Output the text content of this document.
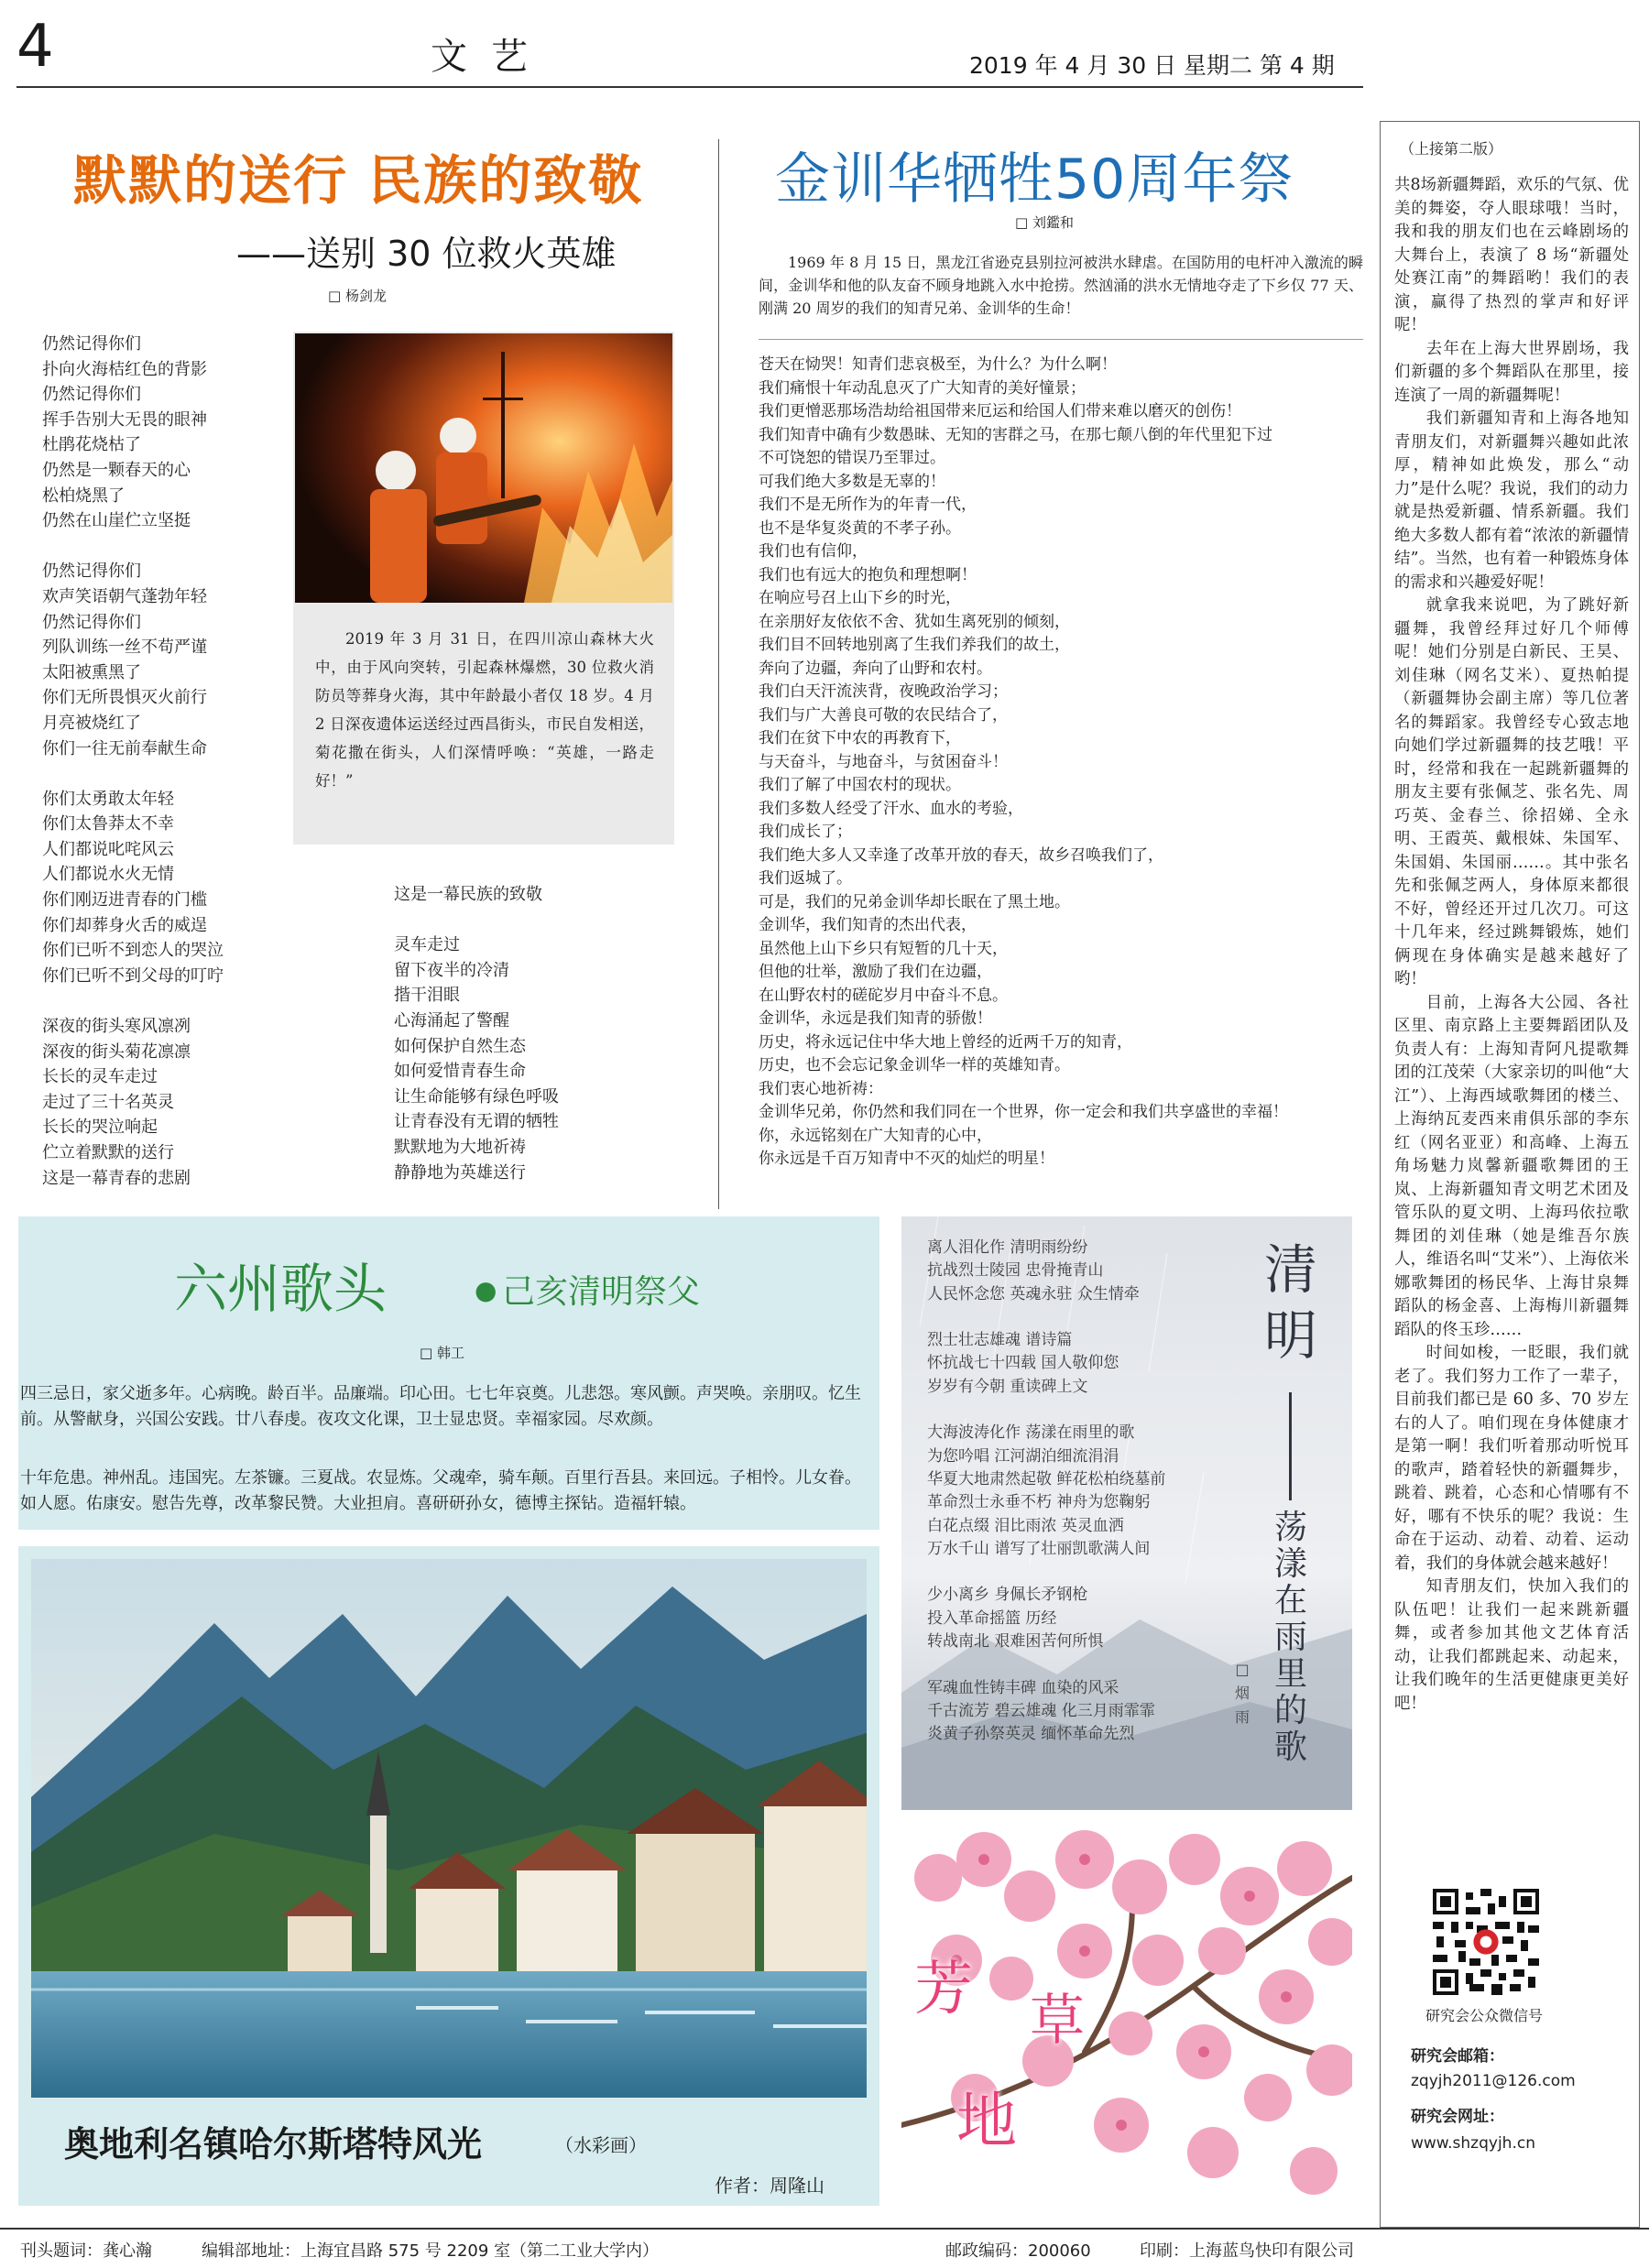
4	文艺	2019 年 4 月 30 日 星期二 第 4 期
默默的送行 民族的致敬
——送别 30 位救火英雄
□ 杨剑龙
仍然记得你们
扑向火海桔红色的背影
仍然记得你们
挥手告别大无畏的眼神
杜鹃花烧枯了
仍然是一颗春天的心
松柏烧黑了
仍然在山崖伫立坚挺

仍然记得你们
欢声笑语朝气蓬勃年轻
仍然记得你们
列队训练一丝不苟严谨
太阳被熏黑了
你们无所畏惧灭火前行
月亮被烧红了
你们一往无前奉献生命

你们太勇敢太年轻
你们太鲁莽太不幸
人们都说叱咤风云
人们都说水火无情
你们刚迈进青春的门槛
你们却葬身火舌的威逞
你们已听不到恋人的哭泣
你们已听不到父母的叮咛

深夜的街头寒风凛冽
深夜的街头菊花凛凛
长长的灵车走过
走过了三十名英灵
长长的哭泣响起
伫立着默默的送行
这是一幕青春的悲剧
2019 年 3 月 31 日，在四川凉山森林大火中，由于风向突转，引起森林爆燃，30 位救火消防员等葬身火海，其中年龄最小者仅 18 岁。4 月 2 日深夜遗体运送经过西昌街头，市民自发相送，菊花撒在街头，人们深情呼唤：“英雄，一路走好！”
这是一幕民族的致敬

灵车走过
留下夜半的冷清
揩干泪眼
心海涌起了警醒
如何保护自然生态
如何爱惜青春生命
让生命能够有绿色呼吸
让青春没有无谓的牺牲
默默地为大地祈祷
静静地为英雄送行
金训华牺牲50周年祭
□ 刘鑑和
1969 年 8 月 15 日，黑龙江省逊克县别拉河被洪水肆虐。在国防用的电杆冲入激流的瞬间，金训华和他的队友奋不顾身地跳入水中抢捞。然汹涌的洪水无情地夺走了下乡仅 77 天、刚满 20 周岁的我们的知青兄弟、金训华的生命！
苍天在恸哭！知青们悲哀极至，为什么？为什么啊！
我们痛恨十年动乱息灭了广大知青的美好憧景；
我们更憎恶那场浩劫给祖国带来厄运和给国人们带来难以磨灭的创伤！
我们知青中确有少数愚昧、无知的害群之马，在那七颠八倒的年代里犯下过
不可饶恕的错误乃至罪过。
可我们绝大多数是无辜的！
我们不是无所作为的年青一代，
也不是华复炎黄的不孝子孙。
我们也有信仰，
我们也有远大的抱负和理想啊！
在响应号召上山下乡的时光，
在亲朋好友依依不舍、犹如生离死别的倾刻，
我们目不回转地别离了生我们养我们的故土，
奔向了边疆，奔向了山野和农村。
我们白天汗流浃背，夜晚政治学习；
我们与广大善良可敬的农民结合了，
我们在贫下中农的再教育下，
与天奋斗，与地奋斗，与贫困奋斗！
我们了解了中国农村的现状。
我们多数人经受了汗水、血水的考验，
我们成长了；
我们绝大多人又幸逢了改革开放的春天，故乡召唤我们了，
我们返城了。
可是，我们的兄弟金训华却长眠在了黑土地。
金训华，我们知青的杰出代表，
虽然他上山下乡只有短暂的几十天，
但他的壮举，激励了我们在边疆，
在山野农村的磋砣岁月中奋斗不息。
金训华，永远是我们知青的骄傲！
历史，将永远记住中华大地上曾经的近两千万的知青，
历史，也不会忘记象金训华一样的英雄知青。
我们衷心地祈祷：
金训华兄弟，你仍然和我们同在一个世界，你一定会和我们共享盛世的幸福！
你，永远铭刻在广大知青的心中，
你永远是千百万知青中不灭的灿烂的明星！
（上接第二版）

共8场新疆舞蹈，欢乐的气氛、优美的舞姿，夺人眼球哦！当时，我和我的朋友们也在云峰剧场的大舞台上，表演了 8 场“新疆处处赛江南”的舞蹈哟！我们的表演，赢得了热烈的掌声和好评呢！

去年在上海大世界剧场，我们新疆的多个舞蹈队在那里，接连演了一周的新疆舞呢！

我们新疆知青和上海各地知青朋友们，对新疆舞兴趣如此浓厚，精神如此焕发，那么“动力”是什么呢？我说，我们的动力就是热爱新疆、情系新疆。我们绝大多数人都有着“浓浓的新疆情结”。当然，也有着一种锻炼身体的需求和兴趣爱好呢！

就拿我来说吧，为了跳好新疆舞，我曾经拜过好几个师傅呢！她们分别是白新民、王昊、刘佳琳（网名艾米）、夏热帕提（新疆舞协会副主席）等几位著名的舞蹈家。我曾经专心致志地向她们学过新疆舞的技艺哦！平时，经常和我在一起跳新疆舞的朋友主要有张佩芝、张名先、周巧英、金春兰、徐招娣、全永明、王霞英、戴根妹、朱国军、朱国娟、朱国丽……。其中张名先和张佩芝两人，身体原来都很不好，曾经还开过几次刀。可这十几年来，经过跳舞锻炼，她们俩现在身体确实是越来越好了哟！

目前，上海各大公园、各社区里、南京路上主要舞蹈团队及负责人有：上海知青阿凡提歌舞团的江茂荣（大家亲切的叫他“大江”）、上海西域歌舞团的楼兰、上海纳瓦麦西来甫俱乐部的李东红（网名亚亚）和高峰、上海五角场魅力岚馨新疆歌舞团的王岚、上海新疆知青文明艺术团及管乐队的夏文明、上海玛依拉歌舞团的刘佳琳（她是维吾尔族人，维语名叫“艾米”）、上海依米娜歌舞团的杨民华、上海甘泉舞蹈队的杨金喜、上海梅川新疆舞蹈队的佟玉珍……

时间如梭，一眨眼，我们就老了。我们努力工作了一辈子，目前我们都已是 60 多、70 岁左右的人了。咱们现在身体健康才是第一啊！我们听着那动听悦耳的歌声，踏着轻快的新疆舞步，跳着、跳着，心态和心情哪有不好，哪有不快乐的呢？我说：生命在于运动、动着、动着、运动着，我们的身体就会越来越好！

知青朋友们，快加入我们的队伍吧！让我们一起来跳新疆舞，或者参加其他文艺体育活动，让我们都跳起来、动起来，让我们晚年的生活更健康更美好吧！

研究会公众微信号
研究会邮箱：
zqyjh2011@126.com
研究会网址：
www.shzqyjh.cn
六州歌头	● 己亥清明祭父
□ 韩工
四三忌日，家父逝多年。心病晚。龄百半。品廉端。印心田。七七年哀奠。儿悲怨。寒风颤。声哭唤。亲朋叹。忆生前。从警献身，兴国公安践。廿八春虔。夜攻文化课，卫士显忠贤。幸福家园。尽欢颜。
十年危患。神州乱。违国宪。左茶镰。三夏战。农显炼。父魂牵，骑车颠。百里行吾县。来回远。子相怜。儿女眷。如人愿。佑康安。慰告先尊，改革黎民赞。大业担肩。喜研研孙女，德博主探钻。造福轩辕。
奥地利名镇哈尔斯塔特风光	（水彩画）
作者：周隆山
离人泪化作 清明雨纷纷
抗战烈士陵园 忠骨掩青山
人民怀念您 英魂永驻 众生情牵

烈士壮志雄魂 谱诗篇
怀抗战七十四载 国人敬仰您
岁岁有今朝 重读碑上文

大海波涛化作 荡漾在雨里的歌
为您吟唱 江河湖泊细流涓涓
华夏大地肃然起敬 鲜花松柏绕墓前
革命烈士永垂不朽 神舟为您鞠躬
白花点缀 泪比雨浓 英灵血洒
万水千山 谱写了壮丽凯歌满人间

少小离乡 身佩长矛钢枪
投入革命摇篮 历经
转战南北 艰难困苦何所惧

军魂血性铸丰碑 血染的风采
千古流芳 碧云雄魂 化三月雨霏霏
炎黄子孙祭英灵 缅怀革命先烈
清明
荡漾在雨里的歌
□ 烟雨
芳 草
地
刊头题词：龚心瀚	编辑部地址：上海宜昌路 575 号 2209 室（第二工业大学内）	邮政编码：200060	印刷：上海蓝鸟快印有限公司
